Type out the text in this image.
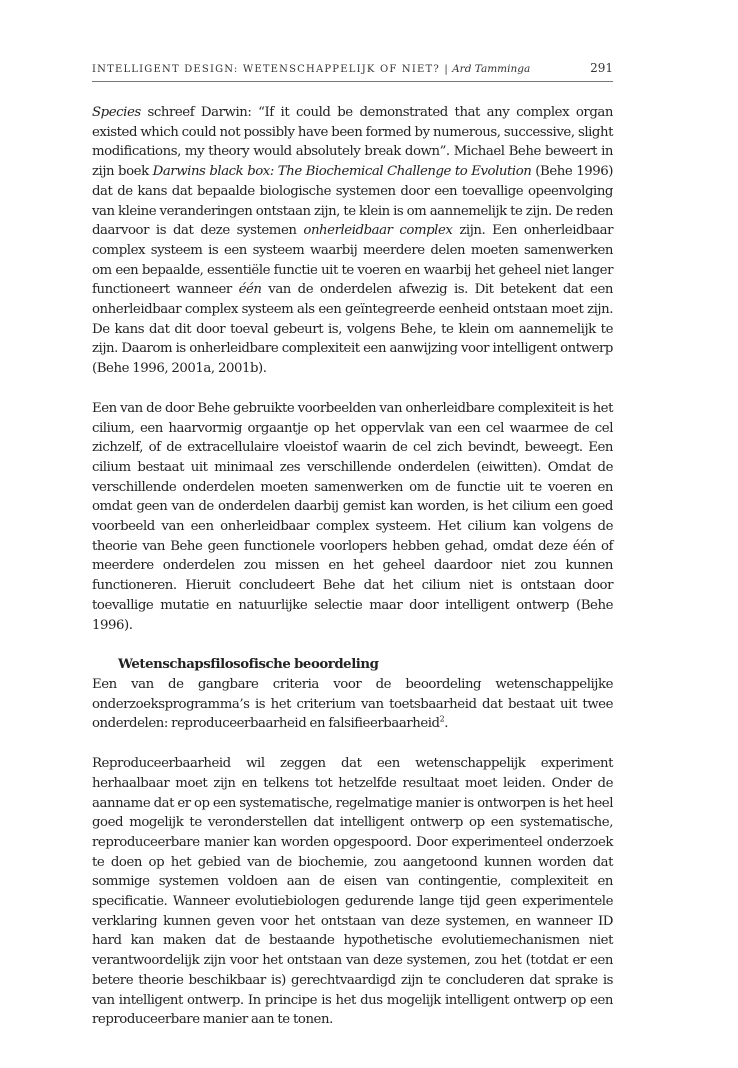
INTELLIGENT DESIGN: WETENSCHAPPELIJK OF NIET? | Ard Tamminga	291

Species schreef Darwin: “If it could be demonstrated that any complex organ existed which could not possibly have been formed by numerous, successive, slight modifications, my theory would absolutely break down”. Michael Behe beweert in zijn boek Darwins black box: The Biochemical Challenge to Evolution (Behe 1996) dat de kans dat bepaalde biologische systemen door een toevallige opeenvolging van kleine veranderingen ontstaan zijn, te klein is om aannemelijk te zijn. De reden daarvoor is dat deze systemen onherleidbaar complex zijn. Een onherleidbaar complex systeem is een systeem waarbij meerdere delen moeten samenwerken om een bepaalde, essentiële functie uit te voeren en waarbij het geheel niet langer functioneert wanneer één van de onderdelen afwezig is. Dit betekent dat een onherleidbaar complex systeem als een geïntegreerde eenheid ontstaan moet zijn. De kans dat dit door toeval gebeurt is, volgens Behe, te klein om aannemelijk te zijn. Daarom is onherleidbare complexiteit een aanwijzing voor intelligent ontwerp (Behe 1996, 2001a, 2001b).

Een van de door Behe gebruikte voorbeelden van onherleidbare complexiteit is het cilium, een haarvormig orgaantje op het oppervlak van een cel waarmee de cel zichzelf, of de extracellulaire vloeistof waarin de cel zich bevindt, beweegt. Een cilium bestaat uit minimaal zes verschillende onderdelen (eiwitten). Omdat de verschillende onderdelen moeten samenwerken om de functie uit te voeren en omdat geen van de onderdelen daarbij gemist kan worden, is het cilium een goed voorbeeld van een onherleidbaar complex systeem. Het cilium kan volgens de theorie van Behe geen functionele voorlopers hebben gehad, omdat deze één of meerdere onderdelen zou missen en het geheel daardoor niet zou kunnen functioneren. Hieruit concludeert Behe dat het cilium niet is ontstaan door toevallige mutatie en natuurlijke selectie maar door intelligent ontwerp (Behe 1996).

Wetenschapsfilosofische beoordeling
Een van de gangbare criteria voor de beoordeling wetenschappelijke onderzoeksprogramma’s is het criterium van toetsbaarheid dat bestaat uit twee onderdelen: reproduceerbaarheid en falsifieerbaarheid$^2$.

Reproduceerbaarheid wil zeggen dat een wetenschappelijk experiment herhaalbaar moet zijn en telkens tot hetzelfde resultaat moet leiden. Onder de aanname dat er op een systematische, regelmatige manier is ontworpen is het heel goed mogelijk te veronderstellen dat intelligent ontwerp op een systematische, reproduceerbare manier kan worden opgespoord. Door experimenteel onderzoek te doen op het gebied van de biochemie, zou aangetoond kunnen worden dat sommige systemen voldoen aan de eisen van contingentie, complexiteit en specificatie. Wanneer evolutiebiologen gedurende lange tijd geen experimentele verklaring kunnen geven voor het ontstaan van deze systemen, en wanneer ID hard kan maken dat de bestaande hypothetische evolutiemechanismen niet verantwoordelijk zijn voor het ontstaan van deze systemen, zou het (totdat er een betere theorie beschikbaar is) gerechtvaardigd zijn te concluderen dat sprake is van intelligent ontwerp. In principe is het dus mogelijk intelligent ontwerp op een reproduceerbare manier aan te tonen.
